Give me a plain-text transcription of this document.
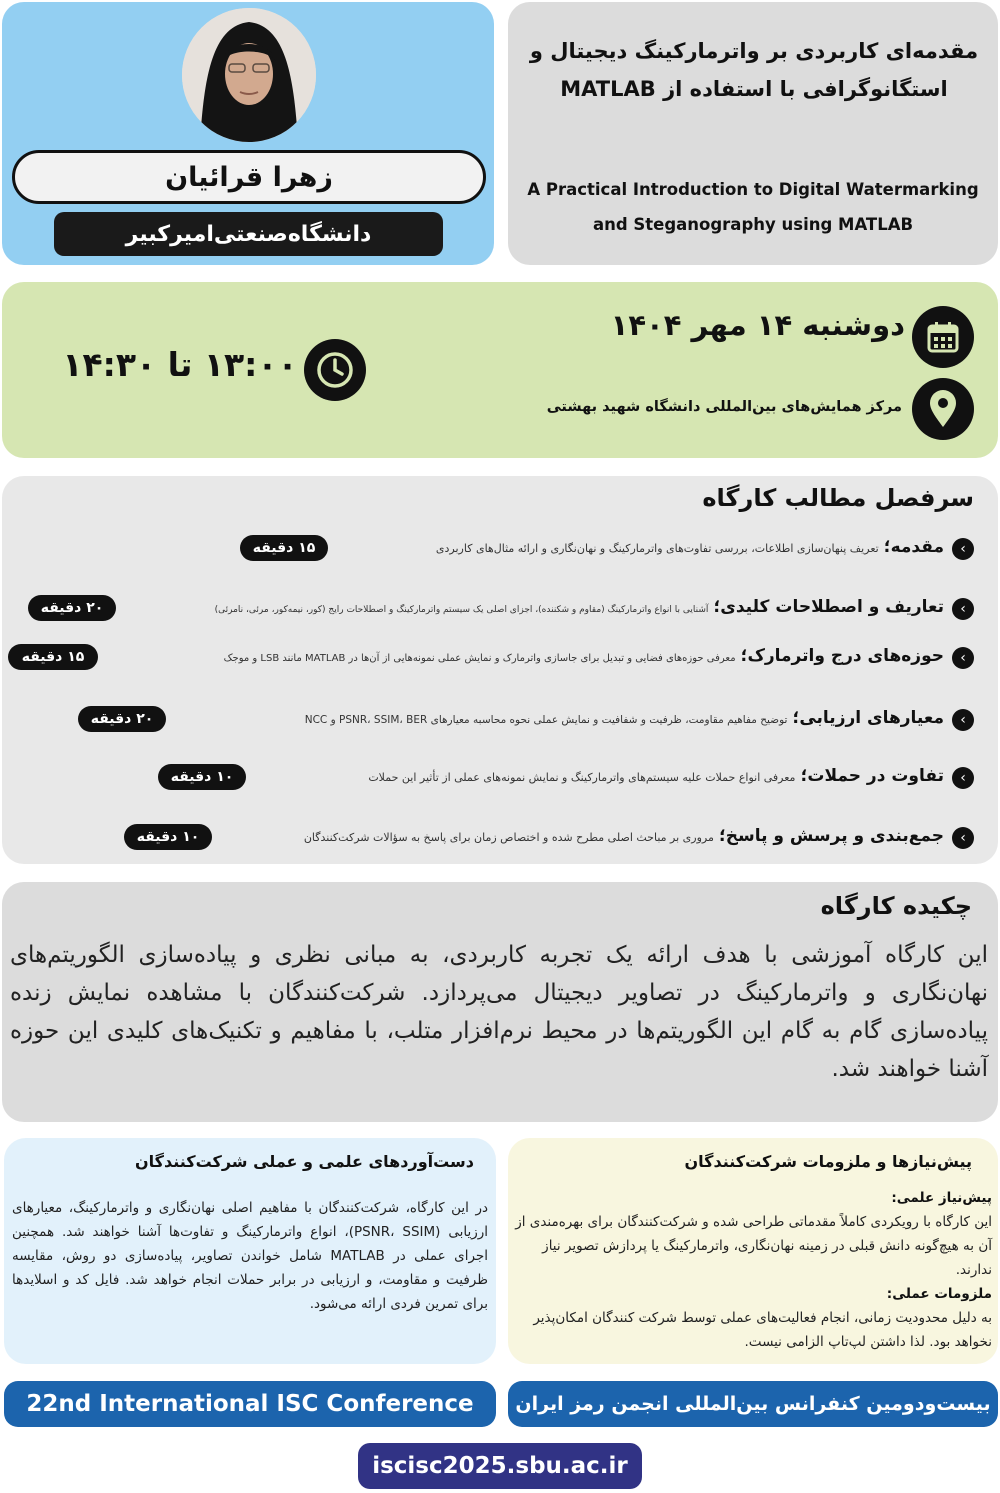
زهرا قرائیان
دانشگاه‌صنعتی‌امیرکبیر
مقدمه‌ای کاربردی بر واترمارکینگ دیجیتال و استگانوگرافی با استفاده از MATLAB
A Practical Introduction to Digital Watermarking and Steganography using MATLAB
دوشنبه ۱۴ مهر ۱۴۰۴
مرکز همایش‌های بین‌المللی دانشگاه شهید بهشتی
۱۳:۰۰ تا ۱۴:۳۰
سرفصل مطالب کارگاه
‹
مقدمه؛ تعریف پنهان‌سازی اطلاعات، بررسی تفاوت‌های واترمارکینگ و نهان‌نگاری و ارائه مثال‌های کاربردی
۱۵ دقیقه
‹
تعاریف و اصطلاحات کلیدی؛ آشنایی با انواع واترمارکینگ (مقاوم و شکننده)، اجزای اصلی یک سیستم واترمارکینگ و اصطلاحات رایج (کور، نیمه‌کور، مرئی، نامرئی)
۲۰ دقیقه
‹
حوزه‌های درج واترمارک؛ معرفی حوزه‌های فضایی و تبدیل برای جاسازی واترمارک و نمایش عملی نمونه‌هایی از آن‌ها در MATLAB مانند LSB و موجک
۱۵ دقیقه
‹
معیارهای ارزیابی؛ توضیح مفاهیم مقاومت، ظرفیت و شفافیت و نمایش عملی نحوه محاسبه معیارهای PSNR، SSIM، BER و NCC
۲۰ دقیقه
‹
تفاوت در حملات؛ معرفی انواع حملات علیه سیستم‌های واترمارکینگ و نمایش نمونه‌های عملی از تأثیر این حملات
۱۰ دقیقه
‹
جمع‌بندی و پرسش و پاسخ؛ مروری بر مباحث اصلی مطرح شده و اختصاص زمان برای پاسخ به سؤالات شرکت‌کنندگان
۱۰ دقیقه
چکیده کارگاه
این کارگاه آموزشی با هدف ارائه یک تجربه کاربردی، به مبانی نظری و پیاده‌سازی الگوریتم‌های نهان‌نگاری و واترمارکینگ در تصاویر دیجیتال می‌پردازد. شرکت‌کنندگان با مشاهده نمایش زنده پیاده‌سازی گام به گام این الگوریتم‌ها در محیط نرم‌افزار متلب، با مفاهیم و تکنیک‌های کلیدی این حوزه آشنا خواهند شد.
دست‌آوردهای علمی و عملی شرکت‌کنندگان
در این کارگاه، شرکت‌کنندگان با مفاهیم اصلی نهان‌نگاری و واترمارکینگ، معیارهای ارزیابی (PSNR، SSIM)، انواع واترمارکینگ و تفاوت‌ها آشنا خواهند شد. همچنین اجرای عملی در MATLAB شامل خواندن تصاویر، پیاده‌سازی دو روش، مقایسه ظرفیت و مقاومت، و ارزیابی در برابر حملات انجام خواهد شد. فایل کد و اسلایدها برای تمرین فردی ارائه می‌شود.
پیش‌نیازها و ملزومات شرکت‌کنندگان
پیش‌نیاز علمی:
این کارگاه با رویکردی کاملاً مقدماتی طراحی شده و شرکت‌کنندگان برای بهره‌مندی از آن به هیچ‌گونه دانش قبلی در زمینه نهان‌نگاری، واترمارکینگ یا پردازش تصویر نیاز ندارند.
ملزومات عملی:
به دلیل محدودیت زمانی، انجام فعالیت‌های عملی توسط شرکت کنندگان امکان‌پذیر نخواهد بود. لذا داشتن لپ‌تاپ الزامی نیست.
22nd International ISC Conference	بیست‌ودومین کنفرانس بین‌المللی انجمن رمز ایران
iscisc2025.sbu.ac.ir
